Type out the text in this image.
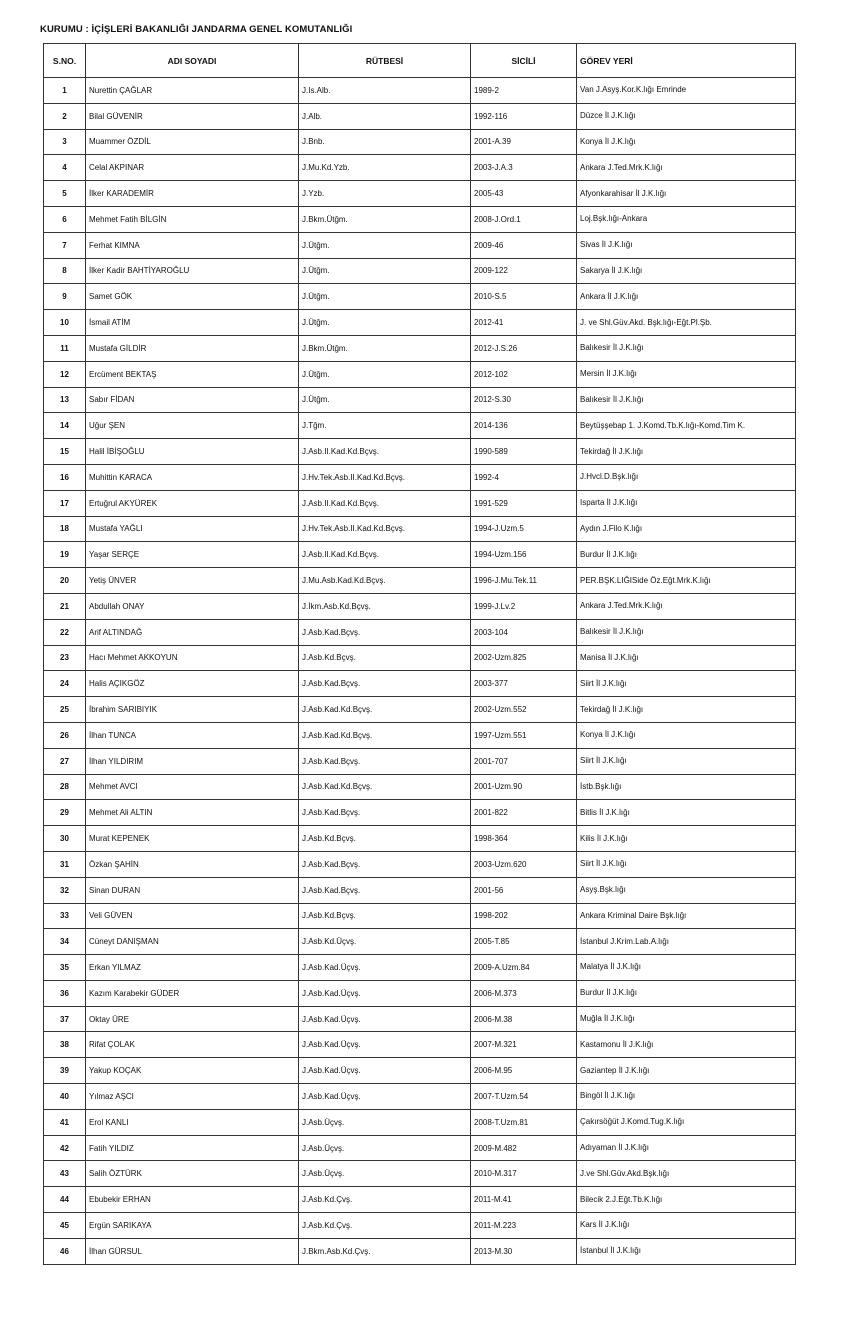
KURUMU : İÇİŞLERİ BAKANLIĞI JANDARMA GENEL KOMUTANLIĞI
S.NO.	ADI SOYADI	RÜTBESİ	SİCİLİ	GÖREV YERİ
1	Nurettin ÇAĞLAR	J.Is.Alb.	1989-2	Van J.Asyş.Kor.K.lığı Emrinde
2	Bilal GÜVENİR	J.Alb.	1992-116	Düzce İl J.K.lığı
3	Muammer ÖZDİL	J.Bnb.	2001-A.39	Konya İl J.K.lığı
4	Celal AKPINAR	J.Mu.Kd.Yzb.	2003-J.A.3	Ankara J.Ted.Mrk.K.lığı
5	İlker KARADEMİR	J.Yzb.	2005-43	Afyonkarahisar İl J.K.lığı
6	Mehmet Fatih BİLGİN	J.Bkm.Ütğm.	2008-J.Ord.1	Loj.Bşk.lığı-Ankara
7	Ferhat KIMNA	J.Ütğm.	2009-46	Sivas İl J.K.lığı
8	İlker Kadir BAHTİYAROĞLU	J.Ütğm.	2009-122	Sakarya İl J.K.lığı
9	Samet GÖK	J.Ütğm.	2010-S.5	Ankara İl J.K.lığı
10	İsmail ATİM	J.Ütğm.	2012-41	J. ve Shl.Güv.Akd. Bşk.lığı-Eğt.Pl.Şb.
11	Mustafa GİLDİR	J.Bkm.Ütğm.	2012-J.S.26	Balıkesir İl J.K.lığı
12	Ercüment BEKTAŞ	J.Ütğm.	2012-102	Mersin İl J.K.lığı
13	Sabır FİDAN	J.Ütğm.	2012-S.30	Balıkesir İl J.K.lığı
14	Uğur ŞEN	J.Tğm.	2014-136	Beytüşşebap 1. J.Komd.Tb.K.lığı-Komd.Tim K.
15	Halil İBİŞOĞLU	J.Asb.II.Kad.Kd.Bçvş.	1990-589	Tekirdağ İl J.K.lığı
16	Muhittin KARACA	J.Hv.Tek.Asb.II.Kad.Kd.Bçvş.	1992-4	J.Hvcl.D.Bşk.lığı
17	Ertuğrul AKYÜREK	J.Asb.II.Kad.Kd.Bçvş.	1991-529	Isparta İl J.K.lığı
18	Mustafa YAĞLI	J.Hv.Tek.Asb.II.Kad.Kd.Bçvş.	1994-J.Uzm.5	Aydın J.Filo K.lığı
19	Yaşar SERÇE	J.Asb.II.Kad.Kd.Bçvş.	1994-Uzm.156	Burdur İl J.K.lığı
20	Yetiş ÜNVER	J.Mu.Asb.Kad.Kd.Bçvş.	1996-J.Mu.Tek.11	PER.BŞK.LIĞISide Öz.Eğt.Mrk.K.lığı
21	Abdullah ONAY	J.İkm.Asb.Kd.Bçvş.	1999-J.Lv.2	Ankara J.Ted.Mrk.K.lığı
22	Arif ALTINDAĞ	J.Asb.Kad.Bçvş.	2003-104	Balıkesir İl J.K.lığı
23	Hacı Mehmet AKKOYUN	J.Asb.Kd.Bçvş.	2002-Uzm.825	Manisa İl J.K.lığı
24	Halis AÇIKGÖZ	J.Asb.Kad.Bçvş.	2003-377	Siirt İl J.K.lığı
25	İbrahim SARIBIYIK	J.Asb.Kad.Kd.Bçvş.	2002-Uzm.552	Tekirdağ İl J.K.lığı
26	İlhan TUNCA	J.Asb.Kad.Kd.Bçvş.	1997-Uzm.551	Konya İl J.K.lığı
27	İlhan YILDIRIM	J.Asb.Kad.Bçvş.	2001-707	Siirt İl J.K.lığı
28	Mehmet AVCI	J.Asb.Kad.Kd.Bçvş.	2001-Uzm.90	İstb.Bşk.lığı
29	Mehmet Ali ALTIN	J.Asb.Kad.Bçvş.	2001-822	Bitlis İl J.K.lığı
30	Murat KEPENEK	J.Asb.Kd.Bçvş.	1998-364	Kilis İl J.K.lığı
31	Özkan ŞAHİN	J.Asb.Kad.Bçvş.	2003-Uzm.620	Siirt İl J.K.lığı
32	Sinan DURAN	J.Asb.Kad.Bçvş.	2001-56	Asyş.Bşk.lığı
33	Veli GÜVEN	J.Asb.Kd.Bçvş.	1998-202	Ankara Kriminal Daire Bşk.lığı
34	Cüneyt DANIŞMAN	J.Asb.Kd.Üçvş.	2005-T.85	İstanbul J.Krim.Lab.A.lığı
35	Erkan YILMAZ	J.Asb.Kad.Üçvş.	2009-A.Uzm.84	Malatya İl J.K.lığı
36	Kazım Karabekir GÜDER	J.Asb.Kad.Üçvş.	2006-M.373	Burdur İl J.K.lığı
37	Oktay ÜRE	J.Asb.Kad.Üçvş.	2006-M.38	Muğla İl J.K.lığı
38	Rifat ÇOLAK	J.Asb.Kad.Üçvş.	2007-M.321	Kastamonu İl J.K.lığı
39	Yakup KOÇAK	J.Asb.Kad.Üçvş.	2006-M.95	Gaziantep İl J.K.lığı
40	Yılmaz AŞCI	J.Asb.Kad.Üçvş.	2007-T.Uzm.54	Bingöl İl J.K.lığı
41	Erol KANLI	J.Asb.Üçvş.	2008-T.Uzm.81	Çakırsöğüt J.Komd.Tug.K.lığı
42	Fatih YILDIZ	J.Asb.Üçvş.	2009-M.482	Adıyaman İl J.K.lığı
43	Salih ÖZTÜRK	J.Asb.Üçvş.	2010-M.317	J.ve Shl.Güv.Akd.Bşk.lığı
44	Ebubekir ERHAN	J.Asb.Kd.Çvş.	2011-M.41	Bilecik 2.J.Eğt.Tb.K.lığı
45	Ergün SARIKAYA	J.Asb.Kd.Çvş.	2011-M.223	Kars İl J.K.lığı
46	İlhan GÜRSUL	J.Bkm.Asb.Kd.Çvş.	2013-M.30	İstanbul İl J.K.lığı
